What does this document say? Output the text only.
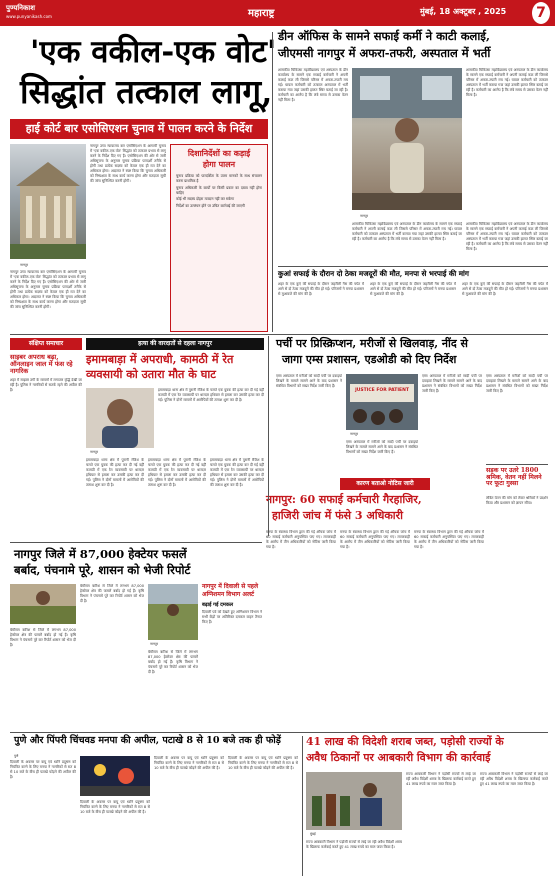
पुण्यनिकाश
www.punyanikash.com	महाराष्ट्र	मुंबई, 18 अक्टूबर , 2025 7
'एक वकील-एक वोट'
सिद्धांत तत्काल लागू,
हाई कोर्ट बार एसोसिएशन चुनाव में पालन करने के निर्देश
नागपुर
नागपुर उच्च न्यायालय बार एसोसिएशन के आगामी चुनाव में 'एक वकील-एक वोट' सिद्धांत को तत्काल प्रभाव से लागू करने के निर्देश दिए गए हैं। एसोसिएशन की ओर से जारी अधिसूचना के अनुसार चुनाव प्रक्रिया पारदर्शी तरीके से होगी तथा प्रत्येक सदस्य को केवल एक ही मत देने का अधिकार होगा। अदालत ने स्पष्ट किया कि चुनाव अधिकारी को निष्पक्षता के साथ कार्य करना होगा और मतदाता सूची की जांच सुनिश्चित करनी होगी।
नागपुर उच्च न्यायालय बार एसोसिएशन के आगामी चुनाव में 'एक वकील-एक वोट' सिद्धांत को तत्काल प्रभाव से लागू करने के निर्देश दिए गए हैं। एसोसिएशन की ओर से जारी अधिसूचना के अनुसार चुनाव प्रक्रिया पारदर्शी तरीके से होगी तथा प्रत्येक सदस्य को केवल एक ही मत देने का अधिकार होगा। अदालत ने स्पष्ट किया कि चुनाव अधिकारी को निष्पक्षता के साथ कार्य करना होगा और मतदाता सूची की जांच सुनिश्चित करनी होगी।
दिशानिर्देशों का कड़ाई
होगा पालन

चुनाव प्रक्रिया को पारदर्शिता के उत्तम मानकों के साथ संचालन करना प्राथमिक है

चुनाव अधिकारी के कार्यों पर किसी प्रकार का दबाव नहीं होना चाहिए

कोई भी सदस्य दोहरा मतदान नहीं कर सकेगा

निर्देशों का उल्लंघन होने पर उचित कार्रवाई की जाएगी

डीन ऑफिस के सामने सफाई कर्मी ने काटी कलाई,
जीएमसी नागपुर में अफरा-तफरी, अस्पताल में भर्ती
शासकीय चिकित्सा महाविद्यालय एवं अस्पताल के डीन कार्यालय के सामने एक सफाई कर्मचारी ने अपनी कलाई काट ली जिससे परिसर में अफरा-तफरी मच गई। घायल कर्मचारी को तत्काल अस्पताल में भर्ती कराया गया जहां उसकी हालत स्थिर बताई जा रही है। कर्मचारी का आरोप है कि लंबे समय से उसका वेतन नहीं मिला है।
नागपुर
शासकीय चिकित्सा महाविद्यालय एवं अस्पताल के डीन कार्यालय के सामने एक सफाई कर्मचारी ने अपनी कलाई काट ली जिससे परिसर में अफरा-तफरी मच गई। घायल कर्मचारी को तत्काल अस्पताल में भर्ती कराया गया जहां उसकी हालत स्थिर बताई जा रही है। कर्मचारी का आरोप है कि लंबे समय से उसका वेतन नहीं मिला है।
शासकीय चिकित्सा महाविद्यालय एवं अस्पताल के डीन कार्यालय के सामने एक सफाई कर्मचारी ने अपनी कलाई काट ली जिससे परिसर में अफरा-तफरी मच गई। घायल कर्मचारी को तत्काल अस्पताल में भर्ती कराया गया जहां उसकी हालत स्थिर बताई जा रही है। कर्मचारी का आरोप है कि लंबे समय से उसका वेतन नहीं मिला है।
शासकीय चिकित्सा महाविद्यालय एवं अस्पताल के डीन कार्यालय के सामने एक सफाई कर्मचारी ने अपनी कलाई काट ली जिससे परिसर में अफरा-तफरी मच गई। घायल कर्मचारी को तत्काल अस्पताल में भर्ती कराया गया जहां उसकी हालत स्थिर बताई जा रही है। कर्मचारी का आरोप है कि लंबे समय से उसका वेतन नहीं मिला है।
कुआं सफाई के दौरान दो ठेका मजदूरों की मौत, मनपा से भरपाई की मांग
शहर के एक कुएं की सफाई के दौरान जहरीली गैस की चपेट में आने से दो ठेका मजदूरों की मौत हो गई। परिजनों ने मनपा प्रशासन से मुआवजे की मांग की है।
शहर के एक कुएं की सफाई के दौरान जहरीली गैस की चपेट में आने से दो ठेका मजदूरों की मौत हो गई। परिजनों ने मनपा प्रशासन से मुआवजे की मांग की है।
शहर के एक कुएं की सफाई के दौरान जहरीली गैस की चपेट में आने से दो ठेका मजदूरों की मौत हो गई। परिजनों ने मनपा प्रशासन से मुआवजे की मांग की है।
संक्षिप्त समाचार
साइबर अपराध बढ़ा, ऑनलाइन जाल में फंस रहे नागरिक
शहर में साइबर ठगी के मामलों में लगातार वृद्धि देखी जा रही है। पुलिस ने नागरिकों से सतर्क रहने की अपील की है।
हत्या की वारदातों से दहला नागपुर
इमामबाड़ा में अपराधी, कामठी में रेत
व्यवसायी को उतारा मौत के घाट
नागपुर
इमामबाड़ा थाना क्षेत्र में पुरानी रंजिश के चलते एक युवक की हत्या कर दी गई वहीं कामठी में एक रेत व्यवसायी पर धारदार हथियार से हमला कर उसकी हत्या कर दी गई। पुलिस ने दोनों मामलों में आरोपियों की तलाश शुरू कर दी है।
इमामबाड़ा थाना क्षेत्र में पुरानी रंजिश के चलते एक युवक की हत्या कर दी गई वहीं कामठी में एक रेत व्यवसायी पर धारदार हथियार से हमला कर उसकी हत्या कर दी गई। पुलिस ने दोनों मामलों में आरोपियों की तलाश शुरू कर दी है।
इमामबाड़ा थाना क्षेत्र में पुरानी रंजिश के चलते एक युवक की हत्या कर दी गई वहीं कामठी में एक रेत व्यवसायी पर धारदार हथियार से हमला कर उसकी हत्या कर दी गई। पुलिस ने दोनों मामलों में आरोपियों की तलाश शुरू कर दी है।
इमामबाड़ा थाना क्षेत्र में पुरानी रंजिश के चलते एक युवक की हत्या कर दी गई वहीं कामठी में एक रेत व्यवसायी पर धारदार हथियार से हमला कर उसकी हत्या कर दी गई। पुलिस ने दोनों मामलों में आरोपियों की तलाश शुरू कर दी है।
पर्ची पर प्रिस्क्रिप्शन, मरीजों से खिलवाड़, नींद से
जागा एम्स प्रशासन, एडओडी को दिए निर्देश
एम्स अस्पताल में मरीजों को सादी पर्ची पर दवाइयां लिखने के मामले सामने आने के बाद प्रशासन ने संबंधित विभागों को सख्त निर्देश जारी किए हैं।
JUSTICE FOR PATIENT
नागपुर
एम्स अस्पताल में मरीजों को सादी पर्ची पर दवाइयां लिखने के मामले सामने आने के बाद प्रशासन ने संबंधित विभागों को सख्त निर्देश जारी किए हैं।
एम्स अस्पताल में मरीजों को सादी पर्ची पर दवाइयां लिखने के मामले सामने आने के बाद प्रशासन ने संबंधित विभागों को सख्त निर्देश जारी किए हैं।
एम्स अस्पताल में मरीजों को सादी पर्ची पर दवाइयां लिखने के मामले सामने आने के बाद प्रशासन ने संबंधित विभागों को सख्त निर्देश जारी किए हैं।
सड़क पर उतरे 1800 श्रमिक, वेतन नहीं मिलने पर फूटा गुस्सा
लंबित वेतन की मांग को लेकर श्रमिकों ने प्रदर्शन किया और प्रशासन को ज्ञापन सौंपा।
कारण बताओ नोटिस जारी
नागपुर: 60 सफाई कर्मचारी गैरहाजिर,
हाजिरी जांच में फंसे 3 अधिकारी
मनपा के स्वास्थ्य विभाग द्वारा की गई औचक जांच में 60 सफाई कर्मचारी अनुपस्थित पाए गए। लापरवाही के आरोप में तीन अधिकारियों को नोटिस जारी किया गया है।
मनपा के स्वास्थ्य विभाग द्वारा की गई औचक जांच में 60 सफाई कर्मचारी अनुपस्थित पाए गए। लापरवाही के आरोप में तीन अधिकारियों को नोटिस जारी किया गया है।
मनपा के स्वास्थ्य विभाग द्वारा की गई औचक जांच में 60 सफाई कर्मचारी अनुपस्थित पाए गए। लापरवाही के आरोप में तीन अधिकारियों को नोटिस जारी किया गया है।
नागपुर जिले में 87,000 हेक्टेयर फसलें
बर्बाद, पंचनामे पूरे, शासन को भेजी रिपोर्ट
बेमौसम बारिश से जिले में लगभग 87,000 हेक्टेयर क्षेत्र की फसलें बर्बाद हो गई हैं। कृषि विभाग ने पंचनामे पूरे कर रिपोर्ट शासन को भेज दी है।
बेमौसम बारिश से जिले में लगभग 87,000 हेक्टेयर क्षेत्र की फसलें बर्बाद हो गई हैं। कृषि विभाग ने पंचनामे पूरे कर रिपोर्ट शासन को भेज दी है।
नागपुर
बेमौसम बारिश से जिले में लगभग 87,000 हेक्टेयर क्षेत्र की फसलें बर्बाद हो गई हैं। कृषि विभाग ने पंचनामे पूरे कर रिपोर्ट शासन को भेज दी है।
नागपुर में दिवाली से पहले
अग्निशमन विभाग अलर्ट
बढ़ाई गई दमकल
दिवाली पर्व को देखते हुए अग्निशमन विभाग ने सभी केंद्रों पर अतिरिक्त दमकल वाहन तैनात किए हैं।
पुणे और पिंपरी चिंचवड मनपा की अपील, पटाखे 8 से 10 बजे तक ही फोड़ें
पुणे
दिवाली के अवसर पर वायु एवं ध्वनि प्रदूषण को नियंत्रित करने के लिए मनपा ने नागरिकों से रात 8 से 10 बजे के बीच ही पटाखे फोड़ने की अपील की है।
दिवाली के अवसर पर वायु एवं ध्वनि प्रदूषण को नियंत्रित करने के लिए मनपा ने नागरिकों से रात 8 से 10 बजे के बीच ही पटाखे फोड़ने की अपील की है।
दिवाली के अवसर पर वायु एवं ध्वनि प्रदूषण को नियंत्रित करने के लिए मनपा ने नागरिकों से रात 8 से 10 बजे के बीच ही पटाखे फोड़ने की अपील की है।
दिवाली के अवसर पर वायु एवं ध्वनि प्रदूषण को नियंत्रित करने के लिए मनपा ने नागरिकों से रात 8 से 10 बजे के बीच ही पटाखे फोड़ने की अपील की है।
41 लाख की विदेशी शराब जब्त, पड़ोसी राज्यों के
अवैध ठिकानों पर आबकारी विभाग की कार्रवाई
मुंबई
राज्य आबकारी विभाग ने पड़ोसी राज्यों से लाई जा रही अवैध विदेशी शराब के खिलाफ कार्रवाई करते हुए 41 लाख रुपये का माल जब्त किया है।
राज्य आबकारी विभाग ने पड़ोसी राज्यों से लाई जा रही अवैध विदेशी शराब के खिलाफ कार्रवाई करते हुए 41 लाख रुपये का माल जब्त किया है।
राज्य आबकारी विभाग ने पड़ोसी राज्यों से लाई जा रही अवैध विदेशी शराब के खिलाफ कार्रवाई करते हुए 41 लाख रुपये का माल जब्त किया है।
